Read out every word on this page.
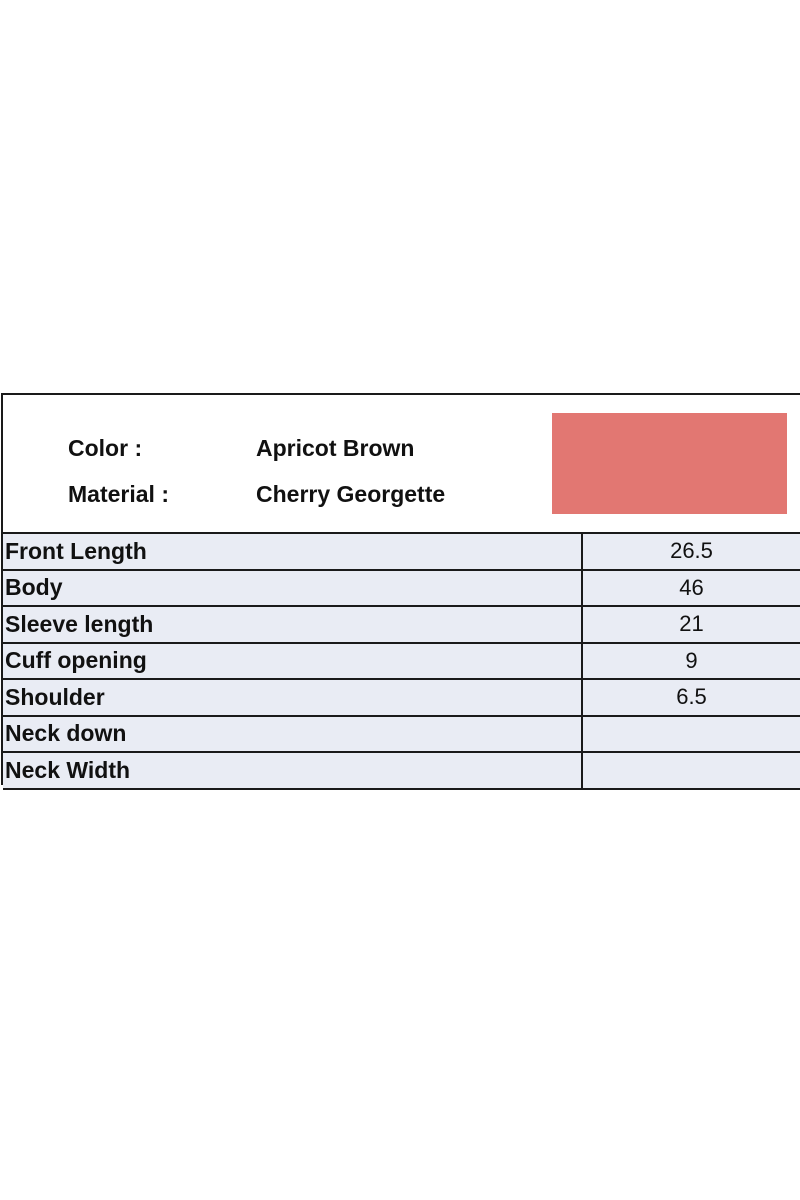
Color :	Apricot Brown
Material :	Cherry Georgette
Front Length	26.5
Body	46
Sleeve length	21
Cuff opening	9
Shoulder	6.5
Neck down
Neck Width
